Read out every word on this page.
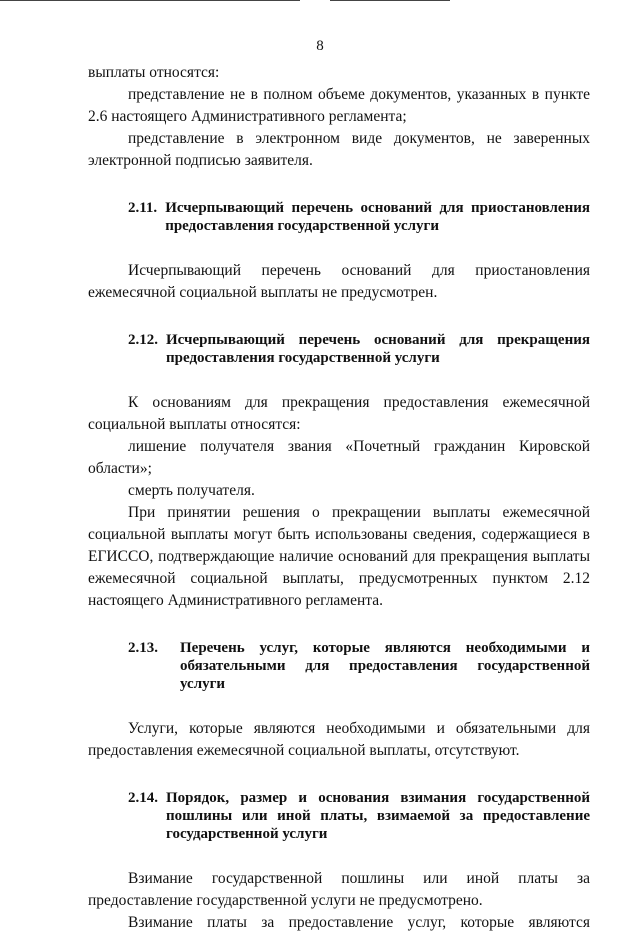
8

выплаты относятся:

представление не в полном объеме документов, указанных в пункте 2.6 настоящего Административного регламента;

представление в электронном виде документов, не заверенных электронной подписью заявителя.

2.11. Исчерпывающий перечень оснований для приостановления предоставления государственной услуги

Исчерпывающий перечень оснований для приостановления ежемесячной социальной выплаты не предусмотрен.

2.12. Исчерпывающий перечень оснований для прекращения предоставления государственной услуги

К основаниям для прекращения предоставления ежемесячной социальной выплаты относятся:

лишение получателя звания «Почетный гражданин Кировской области»;

смерть получателя.

При принятии решения о прекращении выплаты ежемесячной социальной выплаты могут быть использованы сведения, содержащиеся в ЕГИССО, подтверждающие наличие оснований для прекращения выплаты ежемесячной социальной выплаты, предусмотренных пунктом 2.12 настоящего Административного регламента.

2.13.	Перечень услуг, которые являются необходимыми и обязательными для предоставления государственной услуги

Услуги, которые являются необходимыми и обязательными для предоставления ежемесячной социальной выплаты, отсутствуют.

2.14. Порядок, размер и основания взимания государственной пошлины или иной платы, взимаемой за предоставление государственной услуги

Взимание государственной пошлины или иной платы за предоставление государственной услуги не предусмотрено.

Взимание платы за предоставление услуг, которые являются
